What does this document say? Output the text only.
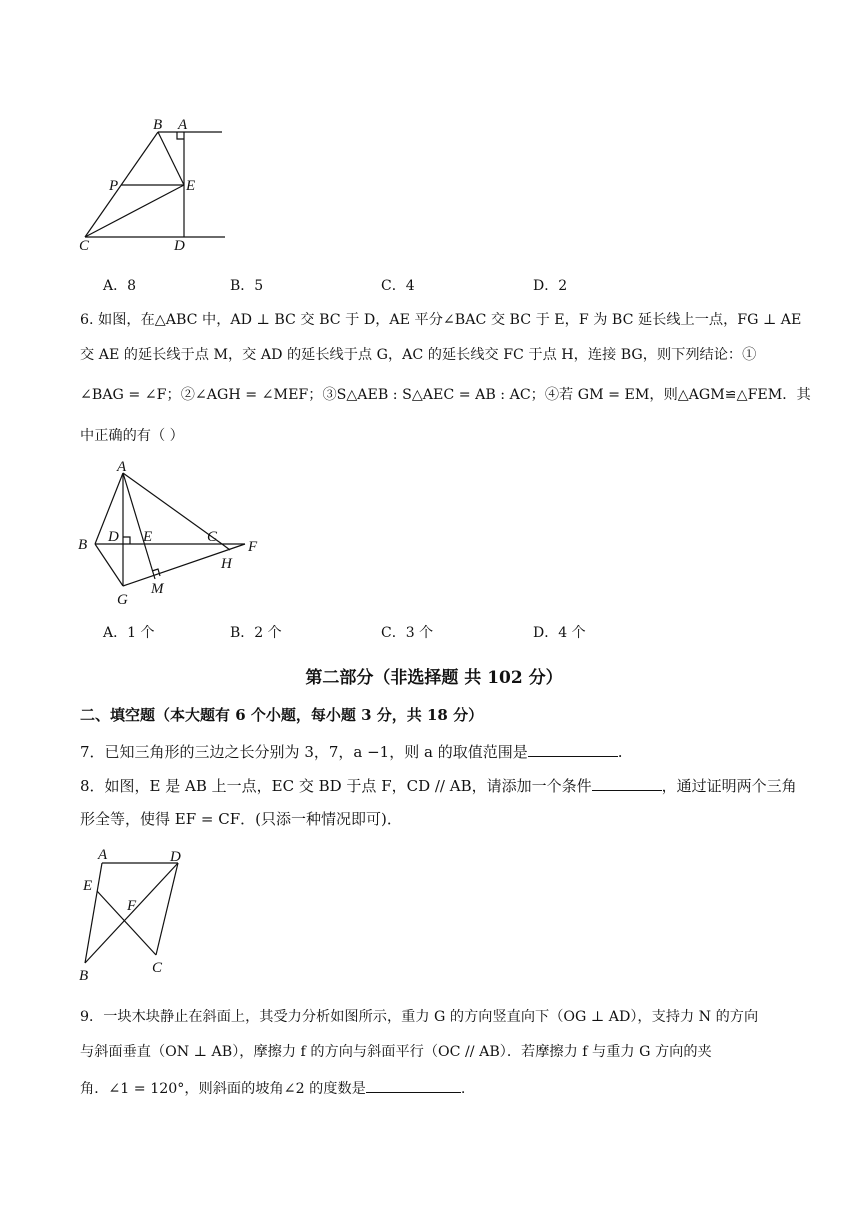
B A
P	E
C	D
A．8	B．5	C．4	D．2
6. 如图，在△ABC 中，AD ⊥ BC 交 BC 于 D，AE 平分∠BAC 交 BC 于 E，F 为 BC 延长线上一点，FG ⊥ AE
交 AE 的延长线于点 M，交 AD 的延长线于点 G，AC 的延长线交 FC 于点 H，连接 BG，则下列结论：①
∠BAG = ∠F；②∠AGH = ∠MEF；③S△AEB : S△AEC = AB : AC；④若 GM = EM，则△AGM≌△FEM．其
中正确的有（ ）
A
B D E	C
F
H
M
G
A．1 个	B．2 个	C．3 个	D．4 个
第二部分（非选择题 共 102 分）
二、填空题（本大题有 6 个小题，每小题 3 分，共 18 分）
7．已知三角形的三边之长分别为 3，7，a −1，则 a 的取值范围是	.
8．如图，E 是 AB 上一点，EC 交 BD 于点 F，CD // AB，请添加一个条件	，通过证明两个三角
形全等，使得 EF = CF．(只添一种情况即可)．
A	D
E
F
B	C
9．一块木块静止在斜面上，其受力分析如图所示，重力 G 的方向竖直向下（OG ⊥ AD），支持力 N 的方向
与斜面垂直（ON ⊥ AB），摩擦力 f 的方向与斜面平行（OC // AB）．若摩擦力 f 与重力 G 方向的夹
角．∠1 = 120°，则斜面的坡角∠2 的度数是	.
